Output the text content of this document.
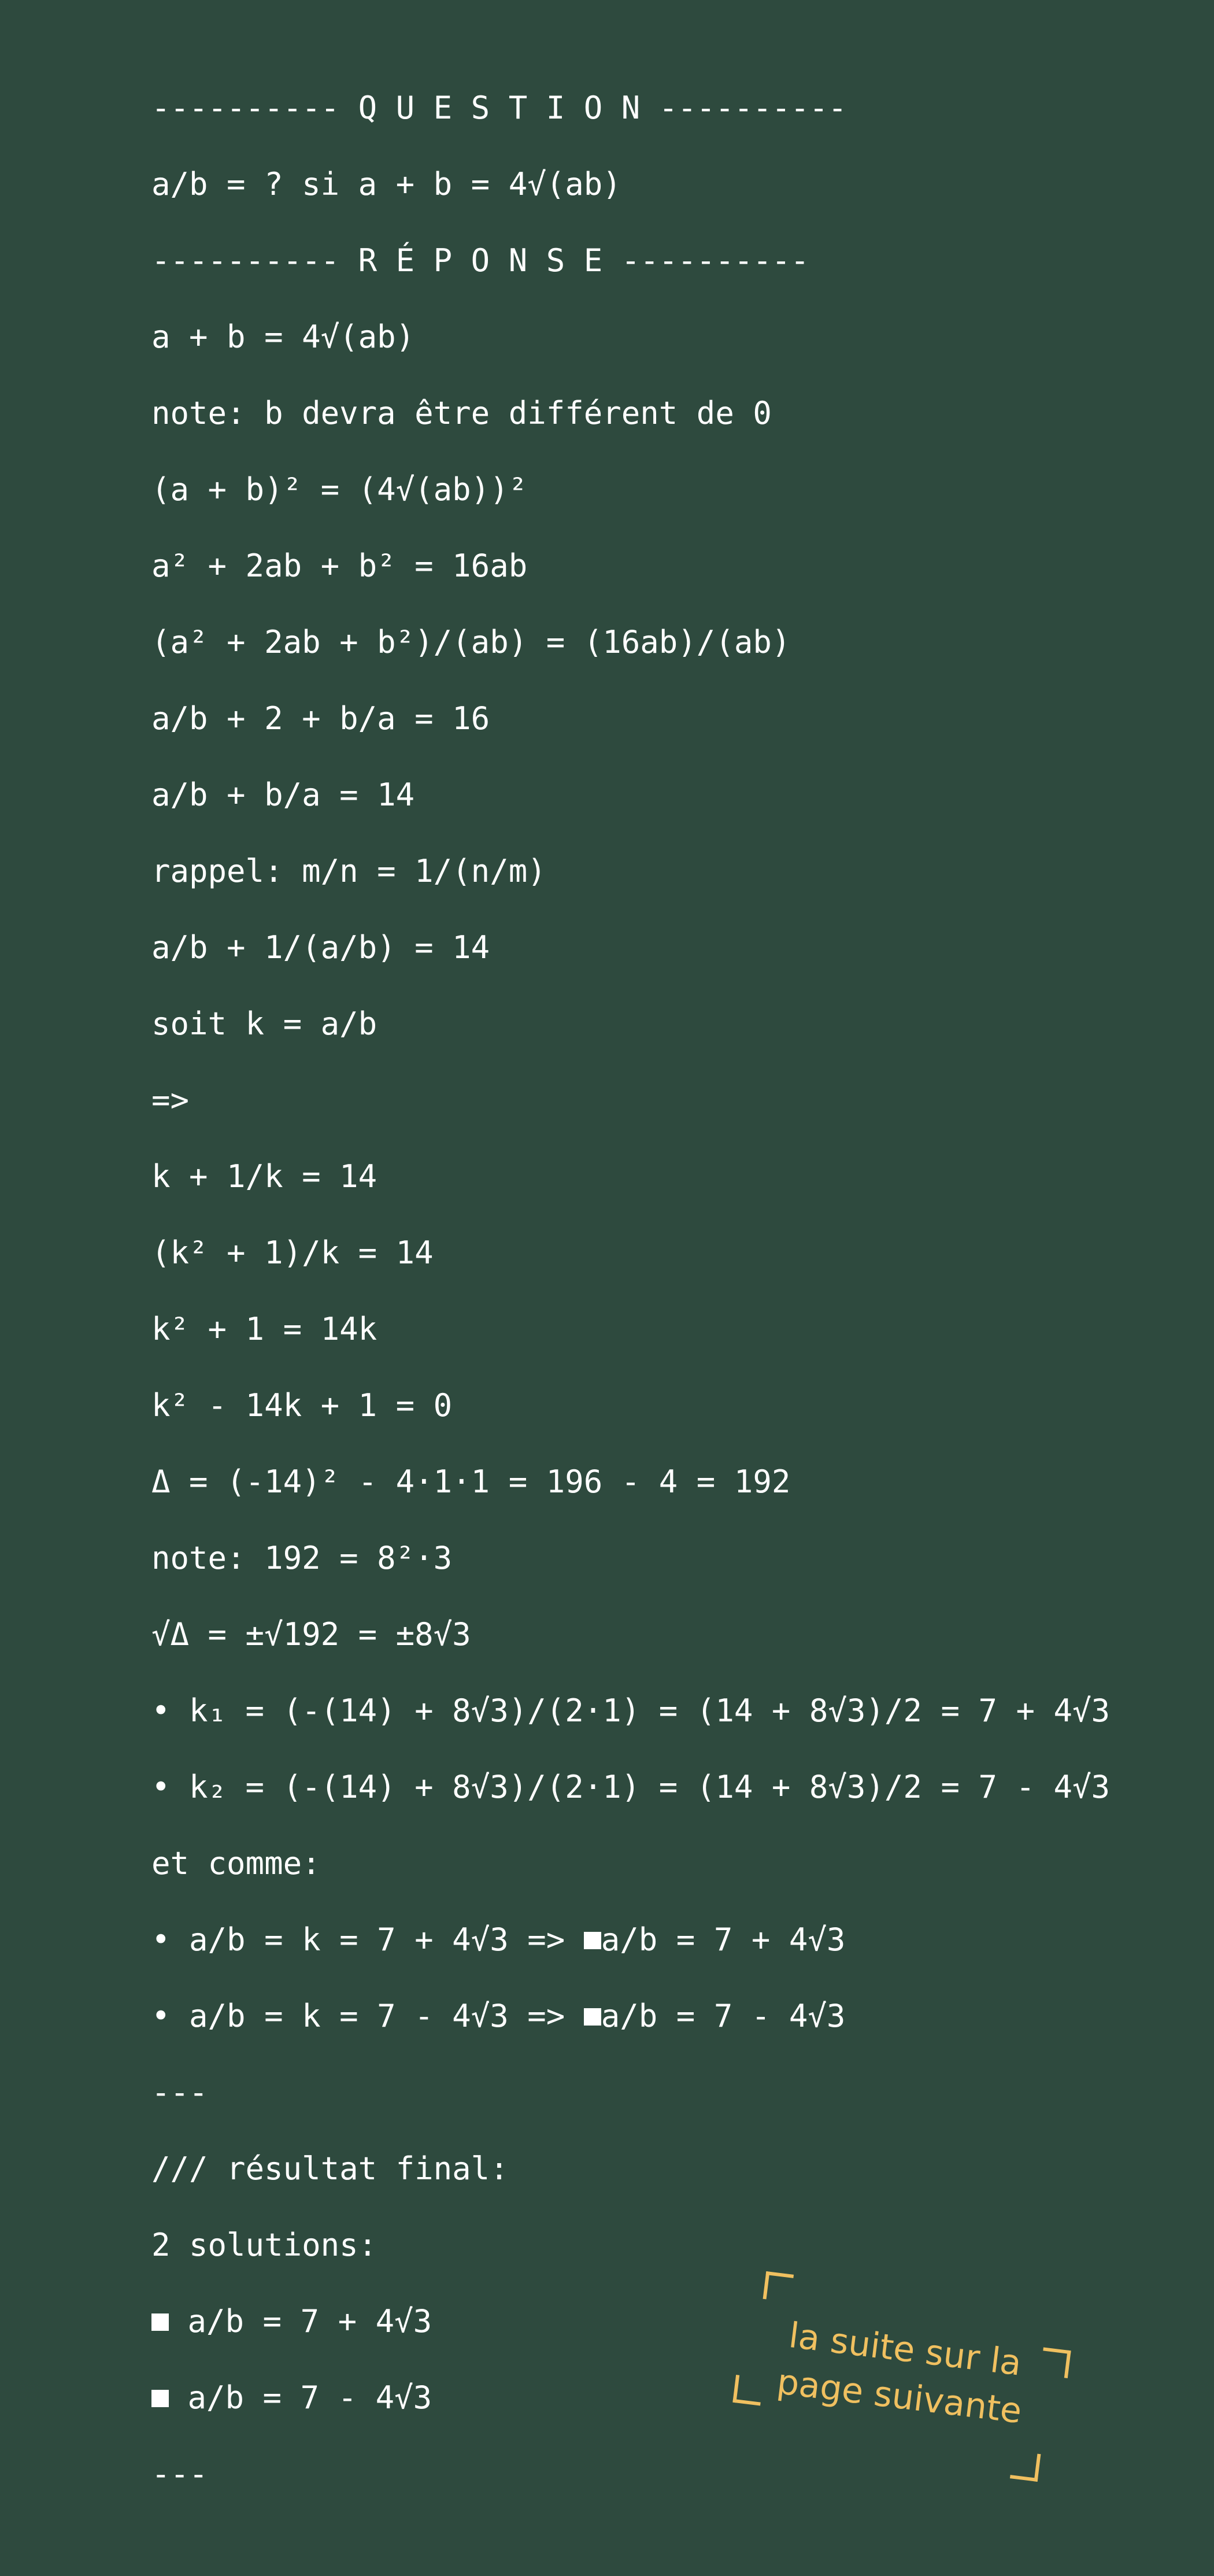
---------- Q U E S T I O N ----------
a/b = ? si a + b = 4√(ab)
---------- R É P O N S E ----------
a + b = 4√(ab)
note: b devra être différent de 0
(a + b)² = (4√(ab))²
a² + 2ab + b² = 16ab
(a² + 2ab + b²)/(ab) = (16ab)/(ab)
a/b + 2 + b/a = 16
a/b + b/a = 14
rappel: m/n = 1/(n/m)
a/b + 1/(a/b) = 14
soit k = a/b
=>
k + 1/k = 14
(k² + 1)/k = 14
k² + 1 = 14k
k² - 14k + 1 = 0
Δ = (-14)² - 4·1·1 = 196 - 4 = 192
note: 192 = 8²·3
√Δ = ±√192 = ±8√3
• k₁ = (-(14) + 8√3)/(2·1) = (14 + 8√3)/2 = 7 + 4√3
• k₂ = (-(14) + 8√3)/(2·1) = (14 + 8√3)/2 = 7 - 4√3
et comme:
• a/b = k = 7 + 4√3 => a/b = 7 + 4√3
• a/b = k = 7 - 4√3 => a/b = 7 - 4√3
---
/// résultat final:
2 solutions:
a/b = 7 + 4√3
a/b = 7 - 4√3
---
la suite sur la
page suivante
